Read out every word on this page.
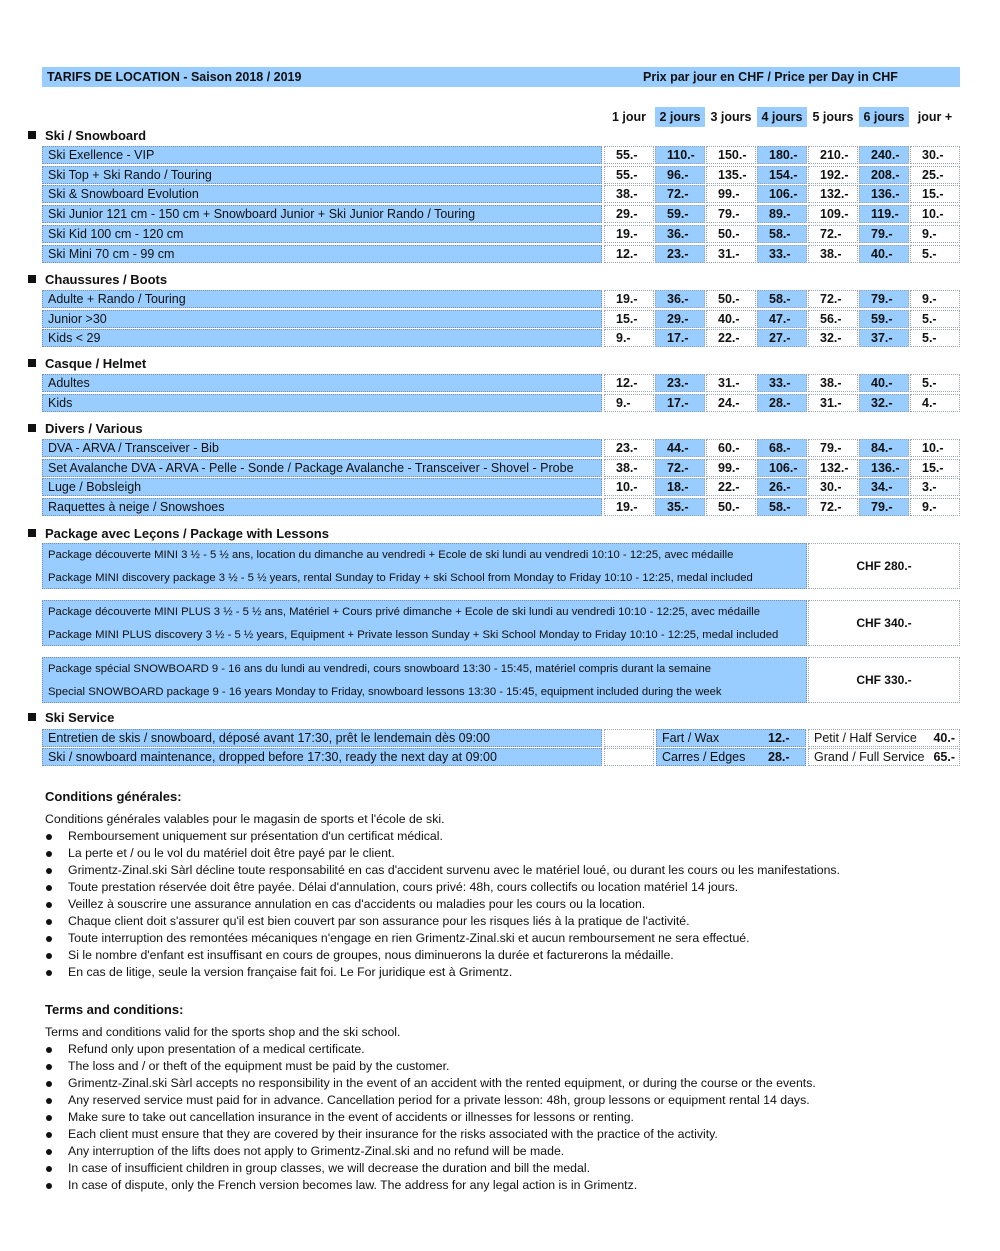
TARIFS DE LOCATION - Saison 2018 / 2019	Prix par jour en CHF / Price per Day in CHF
1 jour	2 jours 3 jours 4 jours 5 jours 6 jours	jour +
Ski / Snowboard
Ski Exellence - VIP	55.-	110.-	150.-	180.-	210.-	240.-	30.-
Ski Top + Ski Rando / Touring	55.-	96.-	135.-	154.-	192.-	208.-	25.-
Ski & Snowboard Evolution	38.-	72.-	99.-	106.-	132.-	136.-	15.-
Ski Junior 121 cm - 150 cm + Snowboard Junior + Ski Junior Rando / Touring	29.-	59.-	79.-	89.-	109.-	119.-	10.-
Ski Kid 100 cm - 120 cm	19.-	36.-	50.-	58.-	72.-	79.-	9.-
Ski Mini 70 cm - 99 cm	12.-	23.-	31.-	33.-	38.-	40.-	5.-
Chaussures / Boots
Adulte + Rando / Touring	19.-	36.-	50.-	58.-	72.-	79.-	9.-
Junior >30	15.-	29.-	40.-	47.-	56.-	59.-	5.-
Kids < 29	9.-	17.-	22.-	27.-	32.-	37.-	5.-
Casque / Helmet
Adultes	12.-	23.-	31.-	33.-	38.-	40.-	5.-
Kids	9.-	17.-	24.-	28.-	31.-	32.-	4.-
Divers / Various
DVA - ARVA / Transceiver - Bib	23.-	44.-	60.-	68.-	79.-	84.-	10.-
Set Avalanche DVA - ARVA - Pelle - Sonde / Package Avalanche - Transceiver - Shovel - Probe	38.-	72.-	99.-	106.-	132.-	136.-	15.-
Luge / Bobsleigh	10.-	18.-	22.-	26.-	30.-	34.-	3.-
Raquettes à neige / Snowshoes	19.-	35.-	50.-	58.-	72.-	79.-	9.-
Package avec Leçons / Package with Lessons
Package découverte MINI 3 ½ - 5 ½ ans, location du dimanche au vendredi + Ecole de ski lundi au vendredi 10:10 - 12:25, avec médaille
Package MINI discovery package 3 ½ - 5 ½ years, rental Sunday to Friday + ski School from Monday to Friday 10:10 - 12:25, medal included
CHF 280.-
Package découverte MINI PLUS 3 ½ - 5 ½ ans, Matériel + Cours privé dimanche + Ecole de ski lundi au vendredi 10:10 - 12:25, avec médaille
Package MINI PLUS discovery 3 ½ - 5 ½ years, Equipment + Private lesson Sunday + Ski School Monday to Friday 10:10 - 12:25, medal included
CHF 340.-
Package spécial SNOWBOARD 9 - 16 ans du lundi au vendredi, cours snowboard 13:30 - 15:45, matériel compris durant la semaine
Special SNOWBOARD package 9 - 16 years Monday to Friday, snowboard lessons 13:30 - 15:45, equipment included during the week
CHF 330.-
Ski Service
Entretien de skis / snowboard, déposé avant 17:30, prêt le lendemain dès 09:00	Fart / Wax	12.-	Petit / Half Service 40.-
Ski / snowboard maintenance, dropped before 17:30, ready the next day at 09:00	Carres / Edges 28.-	Grand / Full Service 65.-
Conditions générales:
Conditions générales valables pour le magasin de sports et l'école de ski.
Remboursement uniquement sur présentation d'un certificat médical.
La perte et / ou le vol du matériel doit être payé par le client.
Grimentz-Zinal.ski Sàrl décline toute responsabilité en cas d'accident survenu avec le matériel loué, ou durant les cours ou les manifestations.
Toute prestation réservée doit être payée. Délai d'annulation, cours privé: 48h, cours collectifs ou location matériel 14 jours.
Veillez à souscrire une assurance annulation en cas d'accidents ou maladies pour les cours ou la location.
Chaque client doit s'assurer qu'il est bien couvert par son assurance pour les risques liés à la pratique de l'activité.
Toute interruption des remontées mécaniques n'engage en rien Grimentz-Zinal.ski et aucun remboursement ne sera effectué.
Si le nombre d'enfant est insuffisant en cours de groupes, nous diminuerons la durée et facturerons la médaille.
En cas de litige, seule la version française fait foi. Le For juridique est à Grimentz.
Terms and conditions:
Terms and conditions valid for the sports shop and the ski school.
Refund only upon presentation of a medical certificate.
The loss and / or theft of the equipment must be paid by the customer.
Grimentz-Zinal.ski Sàrl accepts no responsibility in the event of an accident with the rented equipment, or during the course or the events.
Any reserved service must paid for in advance. Cancellation period for a private lesson: 48h, group lessons or equipment rental 14 days.
Make sure to take out cancellation insurance in the event of accidents or illnesses for lessons or renting.
Each client must ensure that they are covered by their insurance for the risks associated with the practice of the activity.
Any interruption of the lifts does not apply to Grimentz-Zinal.ski and no refund will be made.
In case of insufficient children in group classes, we will decrease the duration and bill the medal.
In case of dispute, only the French version becomes law. The address for any legal action is in Grimentz.
